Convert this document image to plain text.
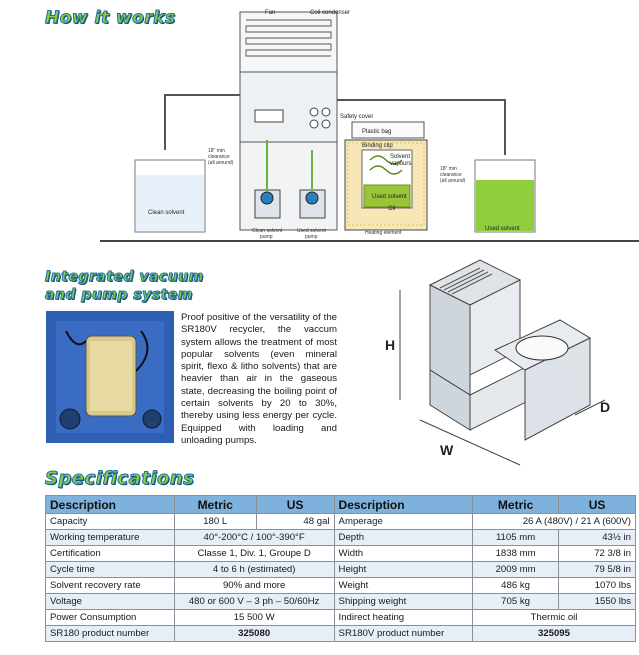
How it works
Integrated vacuum
and pump system
Specifications
Fan	Coil condenser
Safety cover
Plastic bag
Binding clip
Solvent
vapours
Used solvent
Oil
Clean solvent
Used solvent
Clean solvent
pump
Used solvent
pump
Heating element
18" min
clearance
(all around)
18" min
clearance
(all around)
Proof positive of the versatility of the SR180V recycler, the vaccum system allows the treatment of most popular solvents (even mineral spirit, flexo & litho solvents) that are heavier than air in the gaseous state, decreasing the boiling point of certain solvents by 20 to 30%, thereby using less energy per cycle. Equipped with loading and unloading pumps.
H
W
D
Description	Metric	US	Description	Metric	US
Capacity	180 L	48 gal	Amperage	26 A (480V) / 21 A (600V)	
Working temperature	40°-200°C / 100°-390°F		Depth	1105 mm	43½ in
Certification	Classe 1, Div. 1, Groupe D		Width	1838 mm	72 3/8 in
Cycle time	4 to 6 h (estimated)		Height	2009 mm	79 5/8 in
Solvent recovery rate	90% and more		Weight	486 kg	1070 lbs
Voltage	480 or 600 V – 3 ph – 50/60Hz		Shipping weight	705 kg	1550 lbs
Power Consumption	15 500 W		Indirect heating	Thermic oil	
SR180 product number	325080		SR180V product number	325095	
